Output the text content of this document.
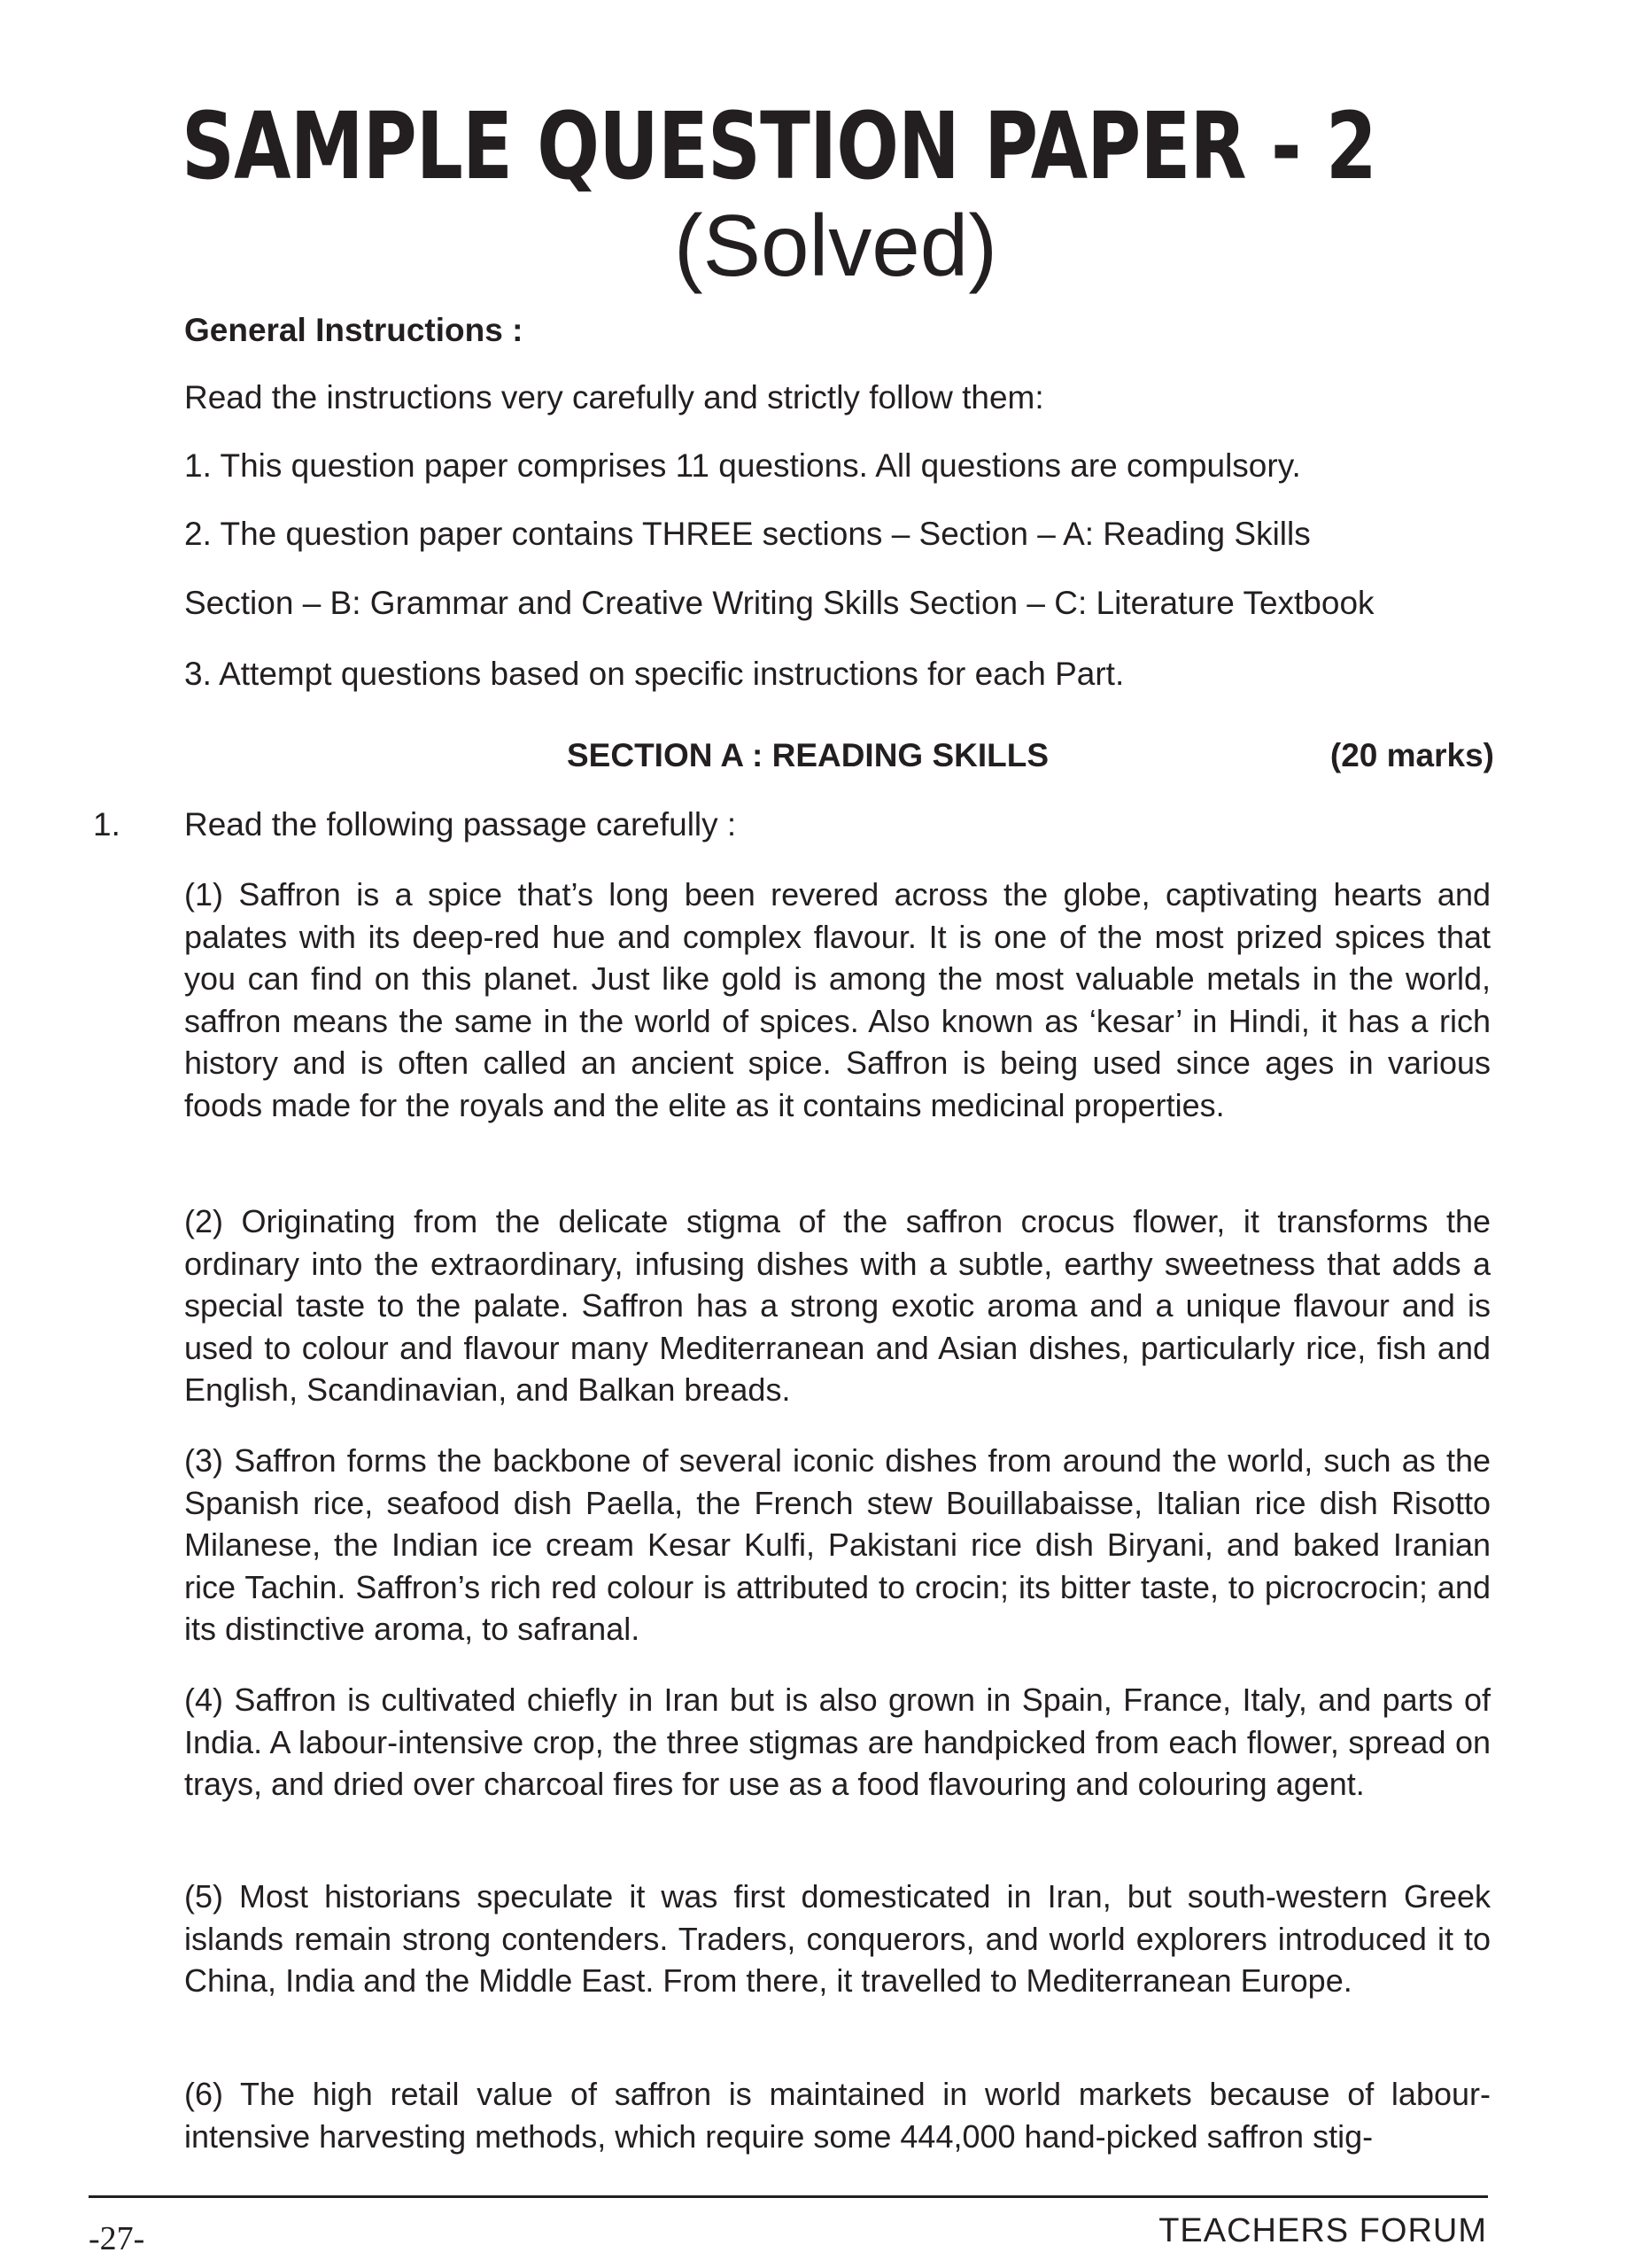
SAMPLE QUESTION PAPER - 2
(Solved)
General Instructions :
Read the instructions very carefully and strictly follow them:
1. This question paper comprises 11 questions. All questions are compulsory.
2. The question paper contains THREE sections – Section – A: Reading Skills
Section – B: Grammar and Creative Writing Skills Section – C: Literature Textbook
3. Attempt questions based on specific instructions for each Part.
SECTION A : READING SKILLS	(20 marks)
1. Read the following passage carefully :

(1) Saffron is a spice that’s long been revered across the globe, captivating hearts and palates with its deep-red hue and complex flavour. It is one of the most prized spices that you can find on this planet. Just like gold is among the most valuable metals in the world, saffron means the same in the world of spices. Also known as ‘kesar’ in Hindi, it has a rich history and is often called an ancient spice. Saffron is being used since ages in various foods made for the royals and the elite as it contains medicinal properties.

(2) Originating from the delicate stigma of the saffron crocus flower, it transforms the ordinary into the extraordinary, infusing dishes with a subtle, earthy sweetness that adds a special taste to the palate. Saffron has a strong exotic aroma and a unique flavour and is used to colour and flavour many Mediterranean and Asian dishes, particularly rice, fish and English, Scandinavian, and Balkan breads.

(3) Saffron forms the backbone of several iconic dishes from around the world, such as the Spanish rice, seafood dish Paella, the French stew Bouillabaisse, Italian rice dish Risotto Milanese, the Indian ice cream Kesar Kulfi, Pakistani rice dish Biryani, and baked Iranian rice Tachin. Saffron’s rich red colour is attributed to crocin; its bitter taste, to picrocrocin; and its distinctive aroma, to safranal.

(4) Saffron is cultivated chiefly in Iran but is also grown in Spain, France, Italy, and parts of India. A labour-intensive crop, the three stigmas are handpicked from each flower, spread on trays, and dried over charcoal fires for use as a food flavouring and colouring agent.

(5) Most historians speculate it was first domesticated in Iran, but south-western Greek islands remain strong contenders. Traders, conquerors, and world explorers introduced it to China, India and the Middle East. From there, it travelled to Mediterranean Europe.

(6) The high retail value of saffron is maintained in world markets because of labour-intensive harvesting methods, which require some 444,000 hand-picked saffron stig-

-27-	TEACHERS FORUM
